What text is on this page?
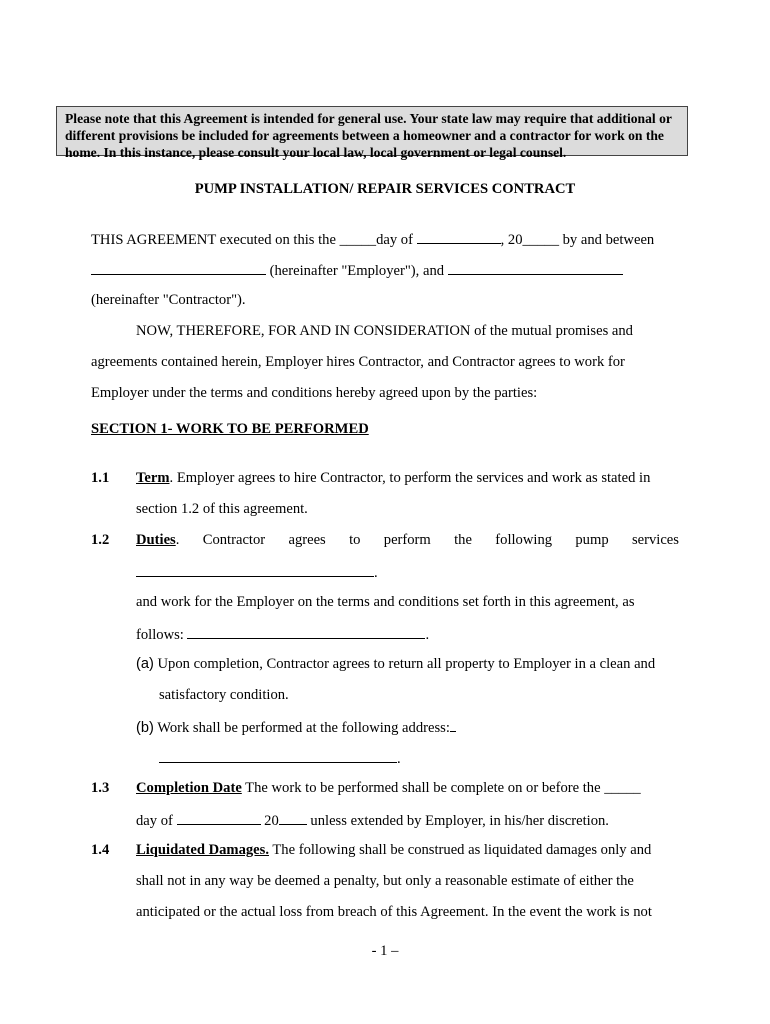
Please note that this Agreement is intended for general use. Your state law may require that additional or different provisions be included for agreements between a homeowner and a contractor for work on the home. In this instance, please consult your local law, local government or legal counsel.
PUMP INSTALLATION/ REPAIR SERVICES CONTRACT
THIS AGREEMENT executed on this the _____day of	, 20_____ by and between
(hereinafter "Employer"), and
(hereinafter "Contractor").
NOW, THEREFORE, FOR AND IN CONSIDERATION of the mutual promises and
agreements contained herein, Employer hires Contractor, and Contractor agrees to work for
Employer under the terms and conditions hereby agreed upon by the parties:
SECTION 1- WORK TO BE PERFORMED
1.1 Term. Employer agrees to hire Contractor, to perform the services and work as stated in
section 1.2 of this agreement.
1.2 Duties. Contractor agrees to perform the following pump services
.
and work for the Employer on the terms and conditions set forth in this agreement, as
follows:	.
(a) Upon completion, Contractor agrees to return all property to Employer in a clean and
satisfactory condition.
(b) Work shall be performed at the following address:
.
1.3 Completion Date The work to be performed shall be complete on or before the _____
day of	20 unless extended by Employer, in his/her discretion.
1.4 Liquidated Damages. The following shall be construed as liquidated damages only and
shall not in any way be deemed a penalty, but only a reasonable estimate of either the
anticipated or the actual loss from breach of this Agreement. In the event the work is not
- 1 –
